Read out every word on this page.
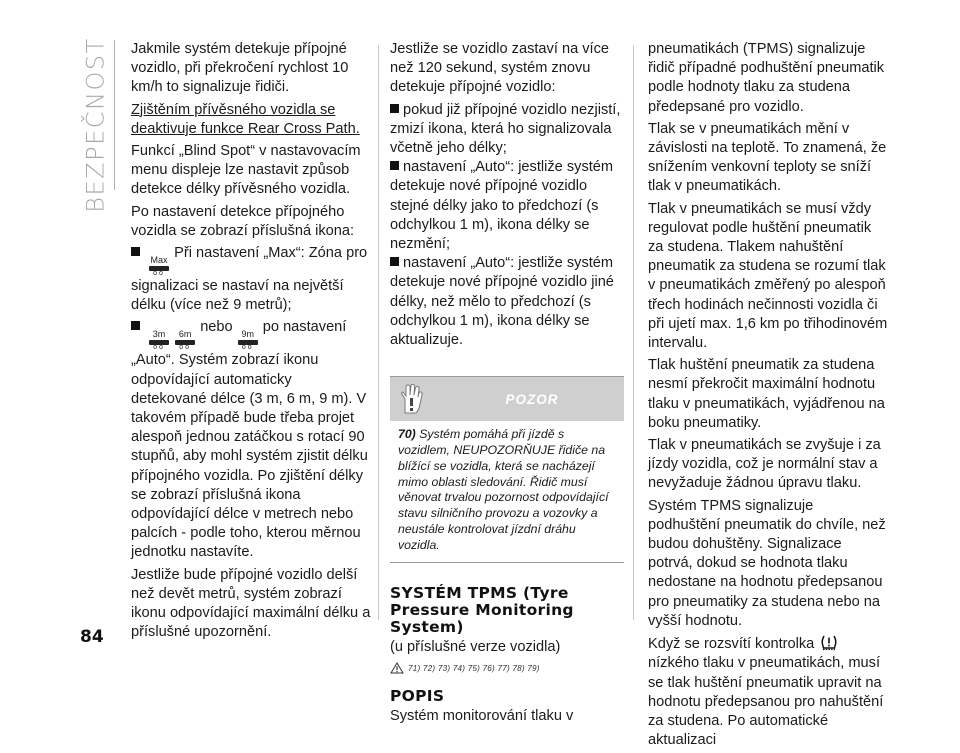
BEZPEČNOST
84

Jakmile systém detekuje přípojné vozidlo, při překročení rychlost 10 km/h to signalizuje řidiči.

Zjištěním přívěsného vozidla se deaktivuje funkce Rear Cross Path.

Funkcí „Blind Spot“ v nastavovacím menu displeje lze nastavit způsob detekce délky přívěsného vozidla.

Po nastavení detekce přípojného vozidla se zobrazí příslušná ikona:

Max
oo
Při nastavení „Max“: Zóna pro signalizaci se nastaví na největší délku (více než 9 metrů);

3m
oo

6m
oo
nebo 9m
oo
po nastavení

„Auto“. Systém zobrazí ikonu odpovídající automaticky detekované délce (3 m, 6 m, 9 m). V takovém případě bude třeba projet alespoň jednou zatáčkou s rotací 90 stupňů, aby mohl systém zjistit délku přípojného vozidla. Po zjištění délky se zobrazí příslušná ikona odpovídající délce v metrech nebo palcích - podle toho, kterou měrnou jednotku nastavíte.

Jestliže bude přípojné vozidlo delší než devět metrů, systém zobrazí ikonu odpovídající maximální délku a příslušné upozornění.

Jestliže se vozidlo zastaví na více než 120 sekund, systém znovu detekuje přípojné vozidlo:

pokud již přípojné vozidlo nezjistí, zmizí ikona, která ho signalizovala včetně jeho délky;

nastavení „Auto“: jestliže systém detekuje nové přípojné vozidlo stejné délky jako to předchozí (s odchylkou 1 m), ikona délky se nezmění;

nastavení „Auto“: jestliže systém detekuje nové přípojné vozidlo jiné délky, než mělo to předchozí (s odchylkou 1 m), ikona délky se aktualizuje.

POZOR
70) Systém pomáhá při jízdě s vozidlem, NEUPOZORŇUJE řidiče na blížící se vozidla, která se nacházejí mimo oblasti sledování. Řidič musí věnovat trvalou pozornost odpovídající stavu silničního provozu a vozovky a neustále kontrolovat jízdní dráhu vozidla.
SYSTÉM TPMS (Tyre Pressure Monitoring System)

(u příslušné verze vozidla)

71) 72) 73) 74) 75) 76) 77) 78) 79)
POPIS

Systém monitorování tlaku v

pneumatikách (TPMS) signalizuje řidič případné podhuštění pneumatik podle hodnoty tlaku za studena předepsané pro vozidlo.

Tlak se v pneumatikách mění v závislosti na teplotě. To znamená, že snížením venkovní teploty se sníží tlak v pneumatikách.

Tlak v pneumatikách se musí vždy regulovat podle huštění pneumatik za studena. Tlakem nahuštění pneumatik za studena se rozumí tlak v pneumatikách změřený po alespoň třech hodinách nečinnosti vozidla či při ujetí max. 1,6 km po třihodinovém intervalu.

Tlak huštění pneumatik za studena nesmí překročit maximální hodnotu tlaku v pneumatikách, vyjádřenou na boku pneumatiky.

Tlak v pneumatikách se zvyšuje i za jízdy vozidla, což je normální stav a nevyžaduje žádnou úpravu tlaku.

Systém TPMS signalizuje podhuštění pneumatik do chvíle, než budou dohuštěny. Signalizace potrvá, dokud se hodnota tlaku nedostane na hodnotu předepsanou pro pneumatiky za studena nebo na vyšší hodnotu.

Když se rozsvítí kontrolka  nízkého tlaku v pneumatikách, musí se tlak huštění pneumatik upravit na hodnotu předepsanou pro nahuštění za studena. Po automatické aktualizaci
